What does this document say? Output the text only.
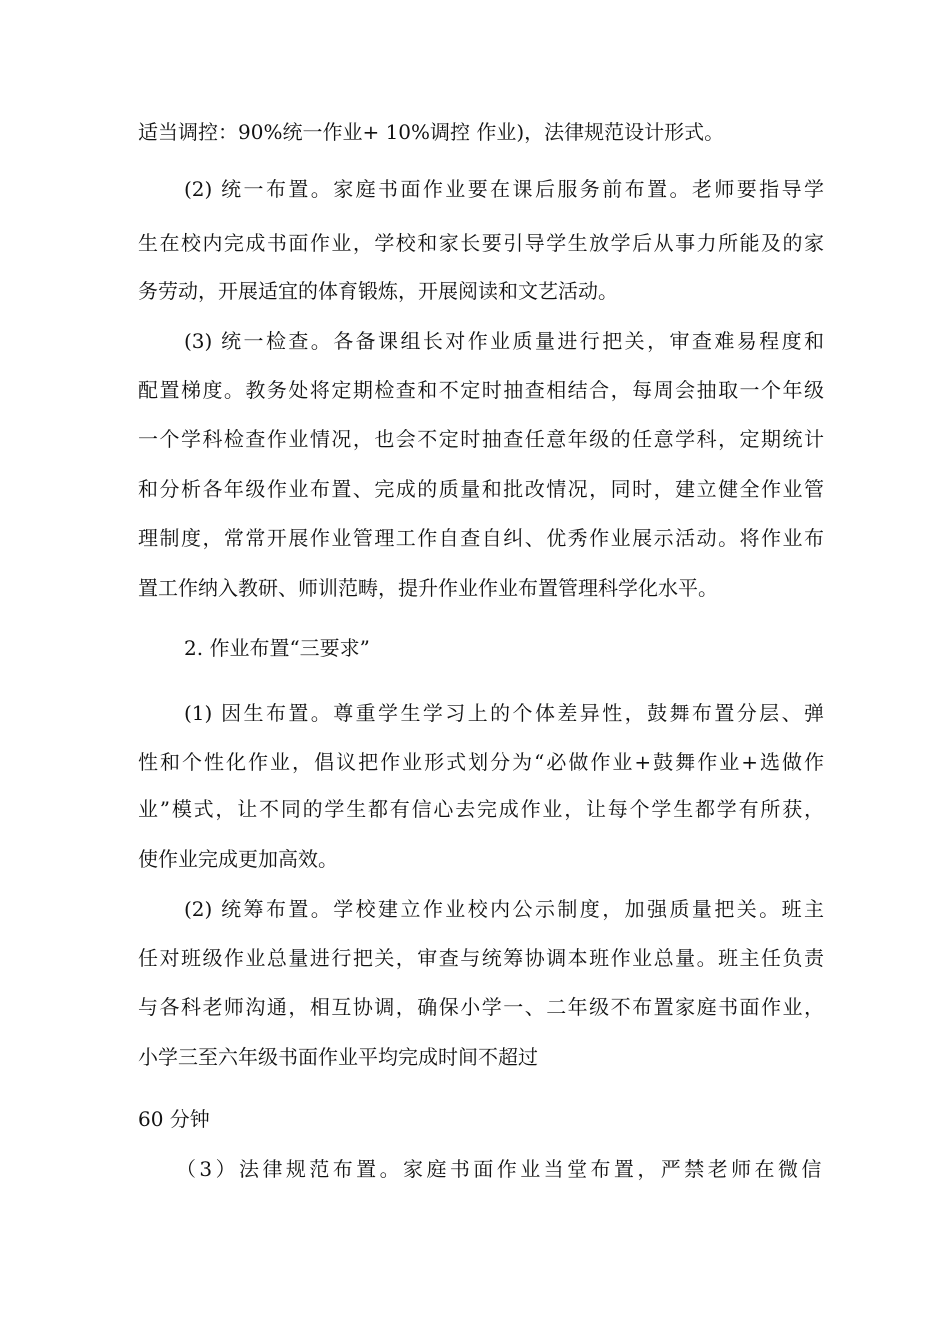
适当调控：90%统一作业+ 10%调控 作业)，法律规范设计形式。
(2) 统一布置。家庭书面作业要在课后服务前布置。老师要指导学
生在校内完成书面作业，学校和家长要引导学生放学后从事力所能及的家
务劳动，开展适宜的体育锻炼，开展阅读和文艺活动。
(3) 统一检查。各备课组长对作业质量进行把关，审查难易程度和
配置梯度。教务处将定期检查和不定时抽查相结合，每周会抽取一个年级
一个学科检查作业情况，也会不定时抽查任意年级的任意学科，定期统计
和分析各年级作业布置、完成的质量和批改情况，同时，建立健全作业管
理制度，常常开展作业管理工作自查自纠、优秀作业展示活动。将作业布
置工作纳入教研、师训范畴，提升作业作业布置管理科学化水平。
2. 作业布置“三要求”
(1) 因生布置。尊重学生学习上的个体差异性，鼓舞布置分层、弹
性和个性化作业，倡议把作业形式划分为“必做作业+鼓舞作业+选做作
业”模式，让不同的学生都有信心去完成作业，让每个学生都学有所获，
使作业完成更加高效。
(2) 统筹布置。学校建立作业校内公示制度，加强质量把关。班主
任对班级作业总量进行把关，审查与统筹协调本班作业总量。班主任负责
与各科老师沟通，相互协调，确保小学一、二年级不布置家庭书面作业，
小学三至六年级书面作业平均完成时间不超过
60 分钟
（3）法律规范布置。家庭书面作业当堂布置，严禁老师在微信
